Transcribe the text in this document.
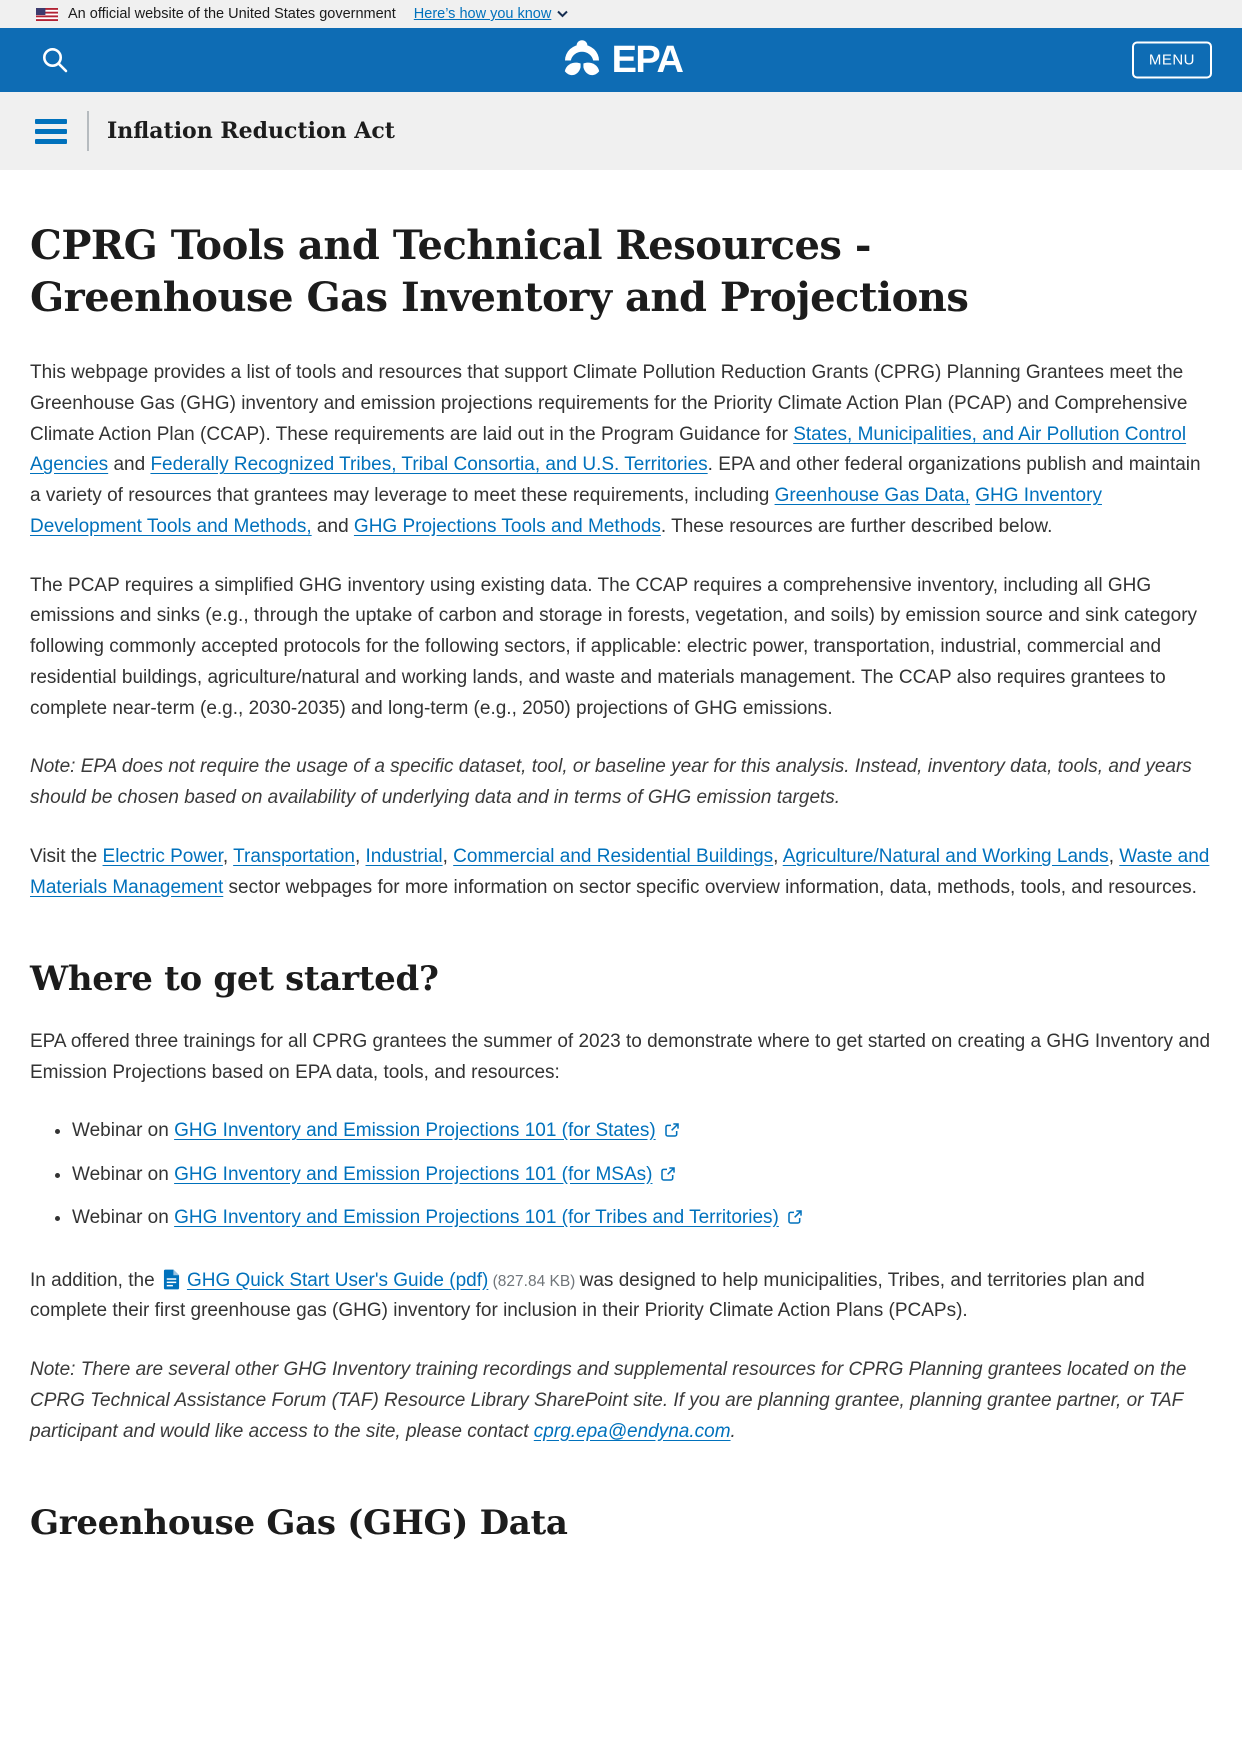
An official website of the United States government Here’s how you know
EPA	MENU
Inflation Reduction Act
CPRG Tools and Technical Resources - Greenhouse Gas Inventory and Projections

This webpage provides a list of tools and resources that support Climate Pollution Reduction Grants (CPRG) Planning Grantees meet the Greenhouse Gas (GHG) inventory and emission projections requirements for the Priority Climate Action Plan (PCAP) and Comprehensive Climate Action Plan (CCAP). These requirements are laid out in the Program Guidance for States, Municipalities, and Air Pollution Control Agencies and Federally Recognized Tribes, Tribal Consortia, and U.S. Territories. EPA and other federal organizations publish and maintain a variety of resources that grantees may leverage to meet these requirements, including Greenhouse Gas Data, GHG Inventory Development Tools and Methods, and GHG Projections Tools and Methods. These resources are further described below.

The PCAP requires a simplified GHG inventory using existing data. The CCAP requires a comprehensive inventory, including all GHG emissions and sinks (e.g., through the uptake of carbon and storage in forests, vegetation, and soils) by emission source and sink category following commonly accepted protocols for the following sectors, if applicable: electric power, transportation, industrial, commercial and residential buildings, agriculture/natural and working lands, and waste and materials management. The CCAP also requires grantees to complete near-term (e.g., 2030-2035) and long-term (e.g., 2050) projections of GHG emissions.

Note: EPA does not require the usage of a specific dataset, tool, or baseline year for this analysis. Instead, inventory data, tools, and years should be chosen based on availability of underlying data and in terms of GHG emission targets.

Visit the Electric Power, Transportation, Industrial, Commercial and Residential Buildings, Agriculture/Natural and Working Lands, Waste and Materials Management sector webpages for more information on sector specific overview information, data, methods, tools, and resources.

Where to get started?

EPA offered three trainings for all CPRG grantees the summer of 2023 to demonstrate where to get started on creating a GHG Inventory and Emission Projections based on EPA data, tools, and resources:

• Webinar on GHG Inventory and Emission Projections 101 (for States)
• Webinar on GHG Inventory and Emission Projections 101 (for MSAs)
• Webinar on GHG Inventory and Emission Projections 101 (for Tribes and Territories)

In addition, the GHG Quick Start User's Guide (pdf) (827.84 KB) was designed to help municipalities, Tribes, and territories plan and complete their first greenhouse gas (GHG) inventory for inclusion in their Priority Climate Action Plans (PCAPs).

Note: There are several other GHG Inventory training recordings and supplemental resources for CPRG Planning grantees located on the CPRG Technical Assistance Forum (TAF) Resource Library SharePoint site. If you are planning grantee, planning grantee partner, or TAF participant and would like access to the site, please contact cprg.epa@endyna.com.

Greenhouse Gas (GHG) Data
